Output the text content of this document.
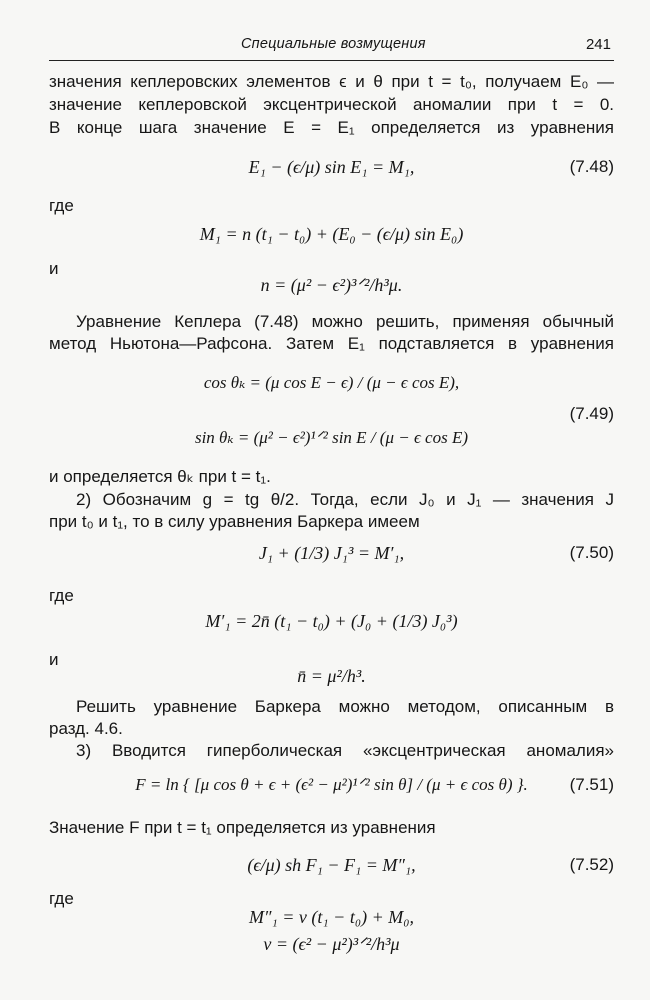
Специальные возмущения	241
значения кеплеровских элементов ϵ и θ при t = t₀, получаем E₀ —
значение кеплеровской эксцентрической аномалии при t = 0.
В конце шага значение E = E₁ определяется из уравнения
E₁ − (ϵ/μ) sin E₁ = M₁,	(7.48)
где
M₁ = n (t₁ − t₀) + (E₀ − (ϵ/μ) sin E₀)
и
n = (μ² − ϵ²)³ᐟ²/h³μ.
Уравнение Кеплера (7.48) можно решить, применяя обычный
метод Ньютона—Рафсона. Затем E₁ подставляется в уравнения
cos θₖ = (μ cos E − ϵ) / (μ − ϵ cos E),
(7.49)
sin θₖ = (μ² − ϵ²)¹ᐟ² sin E / (μ − ϵ cos E)
и определяется θₖ при t = t₁.
2) Обозначим g = tg θ/2. Тогда, если J₀ и J₁ — значения J
при t₀ и t₁, то в силу уравнения Баркера имеем
J₁ + (1/3) J₁³ = M′₁,	(7.50)
где
M′₁ = 2n̄ (t₁ − t₀) + (J₀ + (1/3) J₀³)
и
n̄ = μ²/h³.
Решить уравнение Баркера можно методом, описанным в
разд. 4.6.
3) Вводится гиперболическая «эксцентрическая аномалия»
F = ln { [μ cos θ + ϵ + (ϵ² − μ²)¹ᐟ² sin θ] / (μ + ϵ cos θ) }.	(7.51)
Значение F при t = t₁ определяется из уравнения
(ϵ/μ) sh F₁ − F₁ = M″₁,	(7.52)
где
M″₁ = ν (t₁ − t₀) + M₀,
ν = (ϵ² − μ²)³ᐟ²/h³μ
